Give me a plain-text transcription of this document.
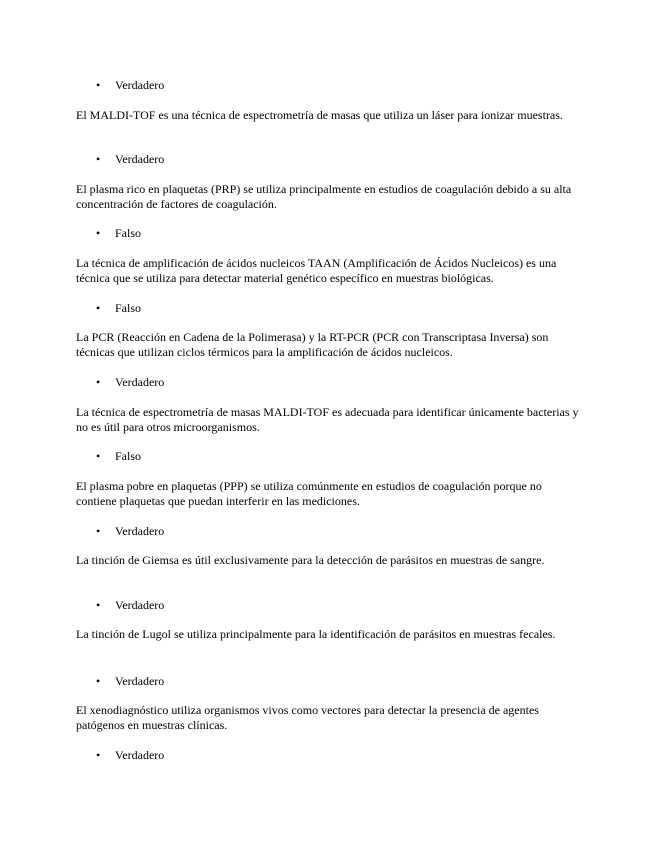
• Verdadero

El MALDI-TOF es una técnica de espectrometría de masas que utiliza un láser para ionizar muestras.

• Verdadero

El plasma rico en plaquetas (PRP) se utiliza principalmente en estudios de coagulación debido a su alta concentración de factores de coagulación.

• Falso

La técnica de amplificación de ácidos nucleicos TAAN (Amplificación de Ácidos Nucleicos) es una técnica que se utiliza para detectar material genético específico en muestras biológicas.

• Falso

La PCR (Reacción en Cadena de la Polimerasa) y la RT-PCR (PCR con Transcriptasa Inversa) son técnicas que utilizan ciclos térmicos para la amplificación de ácidos nucleicos.

• Verdadero

La técnica de espectrometría de masas MALDI-TOF es adecuada para identificar únicamente bacterias y no es útil para otros microorganismos.

• Falso

El plasma pobre en plaquetas (PPP) se utiliza comúnmente en estudios de coagulación porque no contiene plaquetas que puedan interferir en las mediciones.

• Verdadero

La tinción de Giemsa es útil exclusivamente para la detección de parásitos en muestras de sangre.

• Verdadero

La tinción de Lugol se utiliza principalmente para la identificación de parásitos en muestras fecales.

• Verdadero

El xenodiagnóstico utiliza organismos vivos como vectores para detectar la presencia de agentes patógenos en muestras clínicas.

• Verdadero
